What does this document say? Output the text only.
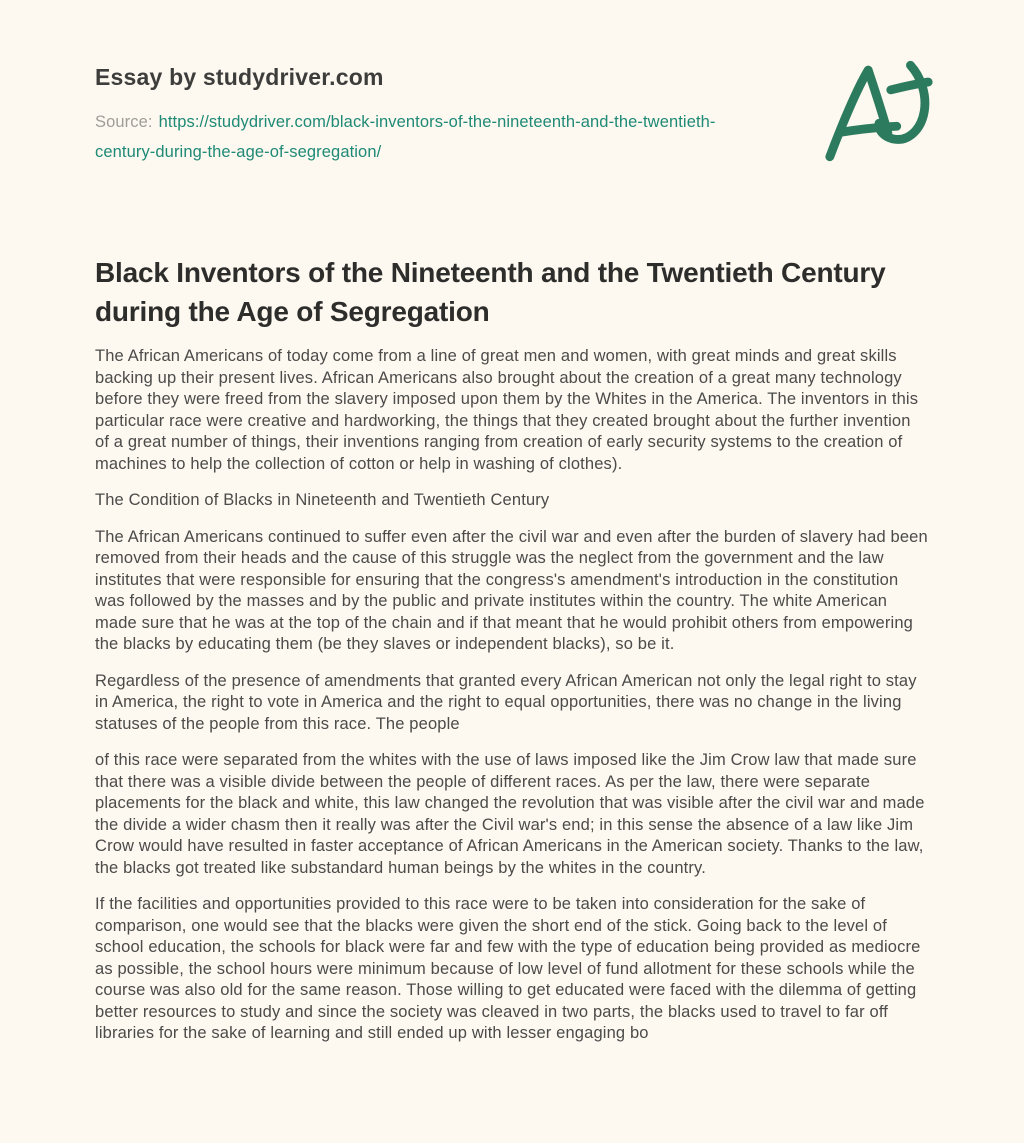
Essay by studydriver.com

Source: https://studydriver.com/black-inventors-of-the-nineteenth-and-the-twentieth-century-during-the-age-of-segregation/

Black Inventors of the Nineteenth and the Twentieth Century during the Age of Segregation

The African Americans of today come from a line of great men and women, with great minds and great skills backing up their present lives. African Americans also brought about the creation of a great many technology before they were freed from the slavery imposed upon them by the Whites in the America. The inventors in this particular race were creative and hardworking, the things that they created brought about the further invention of a great number of things, their inventions ranging from creation of early security systems to the creation of machines to help the collection of cotton or help in washing of clothes).

The Condition of Blacks in Nineteenth and Twentieth Century

The African Americans continued to suffer even after the civil war and even after the burden of slavery had been removed from their heads and the cause of this struggle was the neglect from the government and the law institutes that were responsible for ensuring that the congress's amendment's introduction in the constitution was followed by the masses and by the public and private institutes within the country. The white American made sure that he was at the top of the chain and if that meant that he would prohibit others from empowering the blacks by educating them (be they slaves or independent blacks), so be it.

Regardless of the presence of amendments that granted every African American not only the legal right to stay in America, the right to vote in America and the right to equal opportunities, there was no change in the living statuses of the people from this race. The people

of this race were separated from the whites with the use of laws imposed like the Jim Crow law that made sure that there was a visible divide between the people of different races. As per the law, there were separate placements for the black and white, this law changed the revolution that was visible after the civil war and made the divide a wider chasm then it really was after the Civil war's end; in this sense the absence of a law like Jim Crow would have resulted in faster acceptance of African Americans in the American society. Thanks to the law, the blacks got treated like substandard human beings by the whites in the country.

If the facilities and opportunities provided to this race were to be taken into consideration for the sake of comparison, one would see that the blacks were given the short end of the stick. Going back to the level of school education, the schools for black were far and few with the type of education being provided as mediocre as possible, the school hours were minimum because of low level of fund allotment for these schools while the course was also old for the same reason. Those willing to get educated were faced with the dilemma of getting better resources to study and since the society was cleaved in two parts, the blacks used to travel to far off libraries for the sake of learning and still ended up with lesser engaging bo
